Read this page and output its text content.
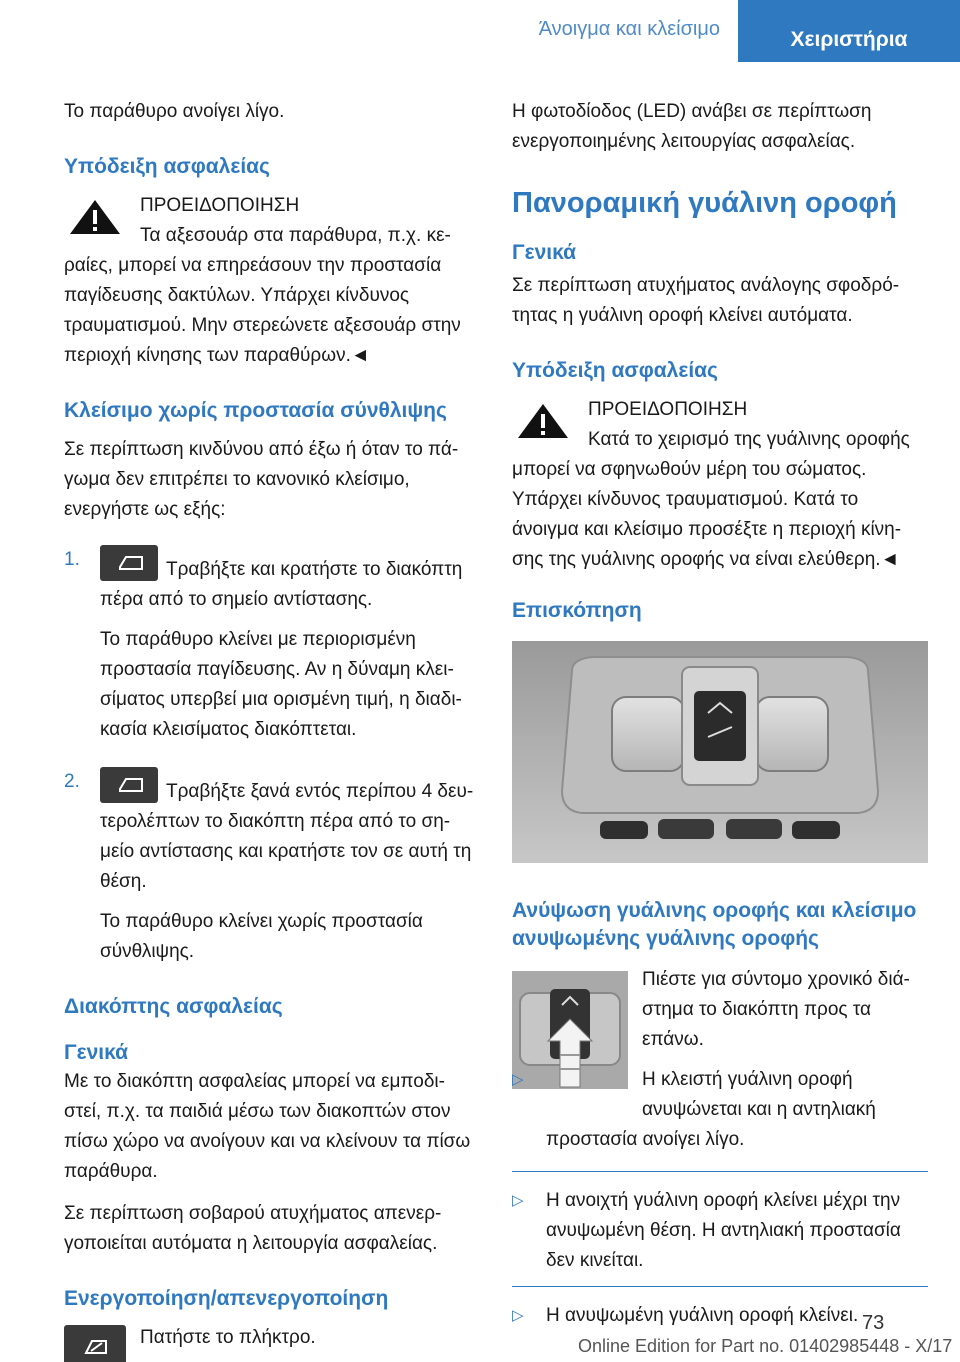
Άνοιγμα και κλείσιμο	Χειριστήρια

Το παράθυρο ανοίγει λίγο.

Υπόδειξη ασφαλείας

ΠΡΟΕΙΔΟΠΟΙΗΣΗ

Τα αξεσουάρ στα παράθυρα, π.χ. κε-ραίες, μπορεί να επηρεάσουν την προστασία παγίδευσης δακτύλων. Υπάρχει κίνδυνος τραυματισμού. Μην στερεώνετε αξεσουάρ στην περιοχή κίνησης των παραθύρων.◄

Κλείσιμο χωρίς προστασία σύνθλιψης

Σε περίπτωση κινδύνου από έξω ή όταν το πά-γωμα δεν επιτρέπει το κανονικό κλείσιμο, ενεργήστε ως εξής:

1.	Τραβήξτε και κρατήστε το διακόπτη πέρα από το σημείο αντίστασης.

Το παράθυρο κλείνει με περιορισμένη προστασία παγίδευσης. Αν η δύναμη κλει-σίματος υπερβεί μια ορισμένη τιμή, η διαδι-κασία κλεισίματος διακόπτεται.

2.	Τραβήξτε ξανά εντός περίπου 4 δευ-τερολέπτων το διακόπτη πέρα από το ση-μείο αντίστασης και κρατήστε τον σε αυτή τη θέση.

Το παράθυρο κλείνει χωρίς προστασία σύνθλιψης.

Διακόπτης ασφαλείας
Γενικά

Με το διακόπτη ασφαλείας μπορεί να εμποδι-στεί, π.χ. τα παιδιά μέσω των διακοπτών στον πίσω χώρο να ανοίγουν και να κλείνουν τα πίσω παράθυρα.

Σε περίπτωση σοβαρού ατυχήματος απενερ-γοποιείται αυτόματα η λειτουργία ασφαλείας.

Ενεργοποίηση/απενεργοποίηση

Πατήστε το πλήκτρο.

Η φωτοδίοδος (LED) ανάβει σε περίπτωση ενεργοποιημένης λειτουργίας ασφαλείας.

Πανοραμική γυάλινη οροφή
Γενικά

Σε περίπτωση ατυχήματος ανάλογης σφοδρό-τητας η γυάλινη οροφή κλείνει αυτόματα.

Υπόδειξη ασφαλείας

ΠΡΟΕΙΔΟΠΟΙΗΣΗ

Κατά το χειρισμό της γυάλινης οροφής μπορεί να σφηνωθούν μέρη του σώματος. Υπάρχει κίνδυνος τραυματισμού. Κατά το άνοιγμα και κλείσιμο προσέξτε η περιοχή κίνη-σης της γυάλινης οροφής να είναι ελεύθερη.◄

Επισκόπηση
Ανύψωση γυάλινης οροφής και κλείσιμο ανυψωμένης γυάλινης οροφής

Πιέστε για σύντομο χρονικό διά-στημα το διακόπτη προς τα επάνω.

▷	Η κλειστή γυάλινη οροφή ανυψώνεται και η αντηλιακή προστασία ανοίγει λίγο.

▷ Η ανοιχτή γυάλινη οροφή κλείνει μέχρι την ανυψωμένη θέση. Η αντηλιακή προστασία δεν κινείται.

▷ Η ανυψωμένη γυάλινη οροφή κλείνει. 73
Online Edition for Part no. 01402985448 - X/17
